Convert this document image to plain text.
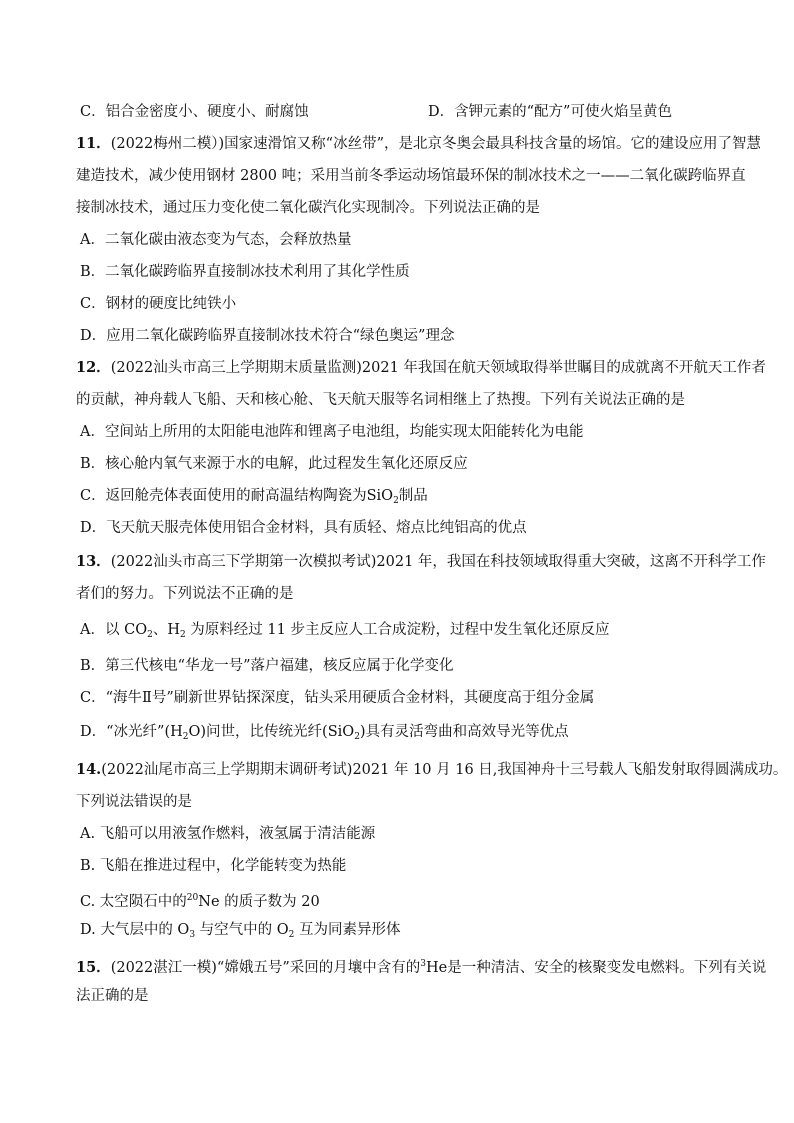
C．铝合金密度小、硬度小、耐腐蚀	D．含钾元素的“配方”可使火焰呈黄色
11．(2022梅州二模）)国家速滑馆又称“冰丝带”，是北京冬奥会最具科技含量的场馆。它的建设应用了智慧
建造技术，减少使用钢材 2800 吨；采用当前冬季运动场馆最环保的制冰技术之一——二氧化碳跨临界直
接制冰技术，通过压力变化使二氧化碳汽化实现制冷。下列说法正确的是
A．二氧化碳由液态变为气态，会释放热量
B．二氧化碳跨临界直接制冰技术利用了其化学性质
C．钢材的硬度比纯铁小
D．应用二氧化碳跨临界直接制冰技术符合“绿色奥运”理念
12．(2022汕头市高三上学期期末质量监测)2021 年我国在航天领域取得举世瞩目的成就离不开航天工作者
的贡献，神舟载人飞船、天和核心舱、飞天航天服等名词相继上了热搜。下列有关说法正确的是
A．空间站上所用的太阳能电池阵和锂离子电池组，均能实现太阳能转化为电能
B．核心舱内氧气来源于水的电解，此过程发生氧化还原反应
C．返回舱壳体表面使用的耐高温结构陶瓷为SiO$_2$制品
D．飞天航天服壳体使用铝合金材料，具有质轻、熔点比纯铝高的优点
13．(2022汕头市高三下学期第一次模拟考试)2021 年，我国在科技领域取得重大突破，这离不开科学工作
者们的努力。下列说法不正确的是
A．以 $CO_2$、$H_2$ 为原料经过 11 步主反应人工合成淀粉，过程中发生氧化还原反应
B．第三代核电“华龙一号”落户福建，核反应属于化学变化
C．“海牛Ⅱ号”刷新世界钻探深度，钻头采用硬质合金材料，其硬度高于组分金属
D．“冰光纤$”(H_2O)$问世，比传统光纤(SiO$_2$)具有灵活弯曲和高效导光等优点
14.(2022汕尾市高三上学期期末调研考试)2021 年 10 月 16 日,我国神舟十三号载人飞船发射取得圆满成功。
下列说法错误的是
A. 飞船可以用液氢作燃料，液氢属于清洁能源
B. 飞船在推进过程中，化学能转变为热能
C. 太空陨石中的$^{20}$Ne 的质子数为 20
D. 大气层中的 $O_3$ 与空气中的 $O_2$ 互为同素异形体
15．(2022湛江一模)“嫦娥五号”采回的月壤中含有的$^3$He是一种清洁、安全的核聚变发电燃料。下列有关说
法正确的是
